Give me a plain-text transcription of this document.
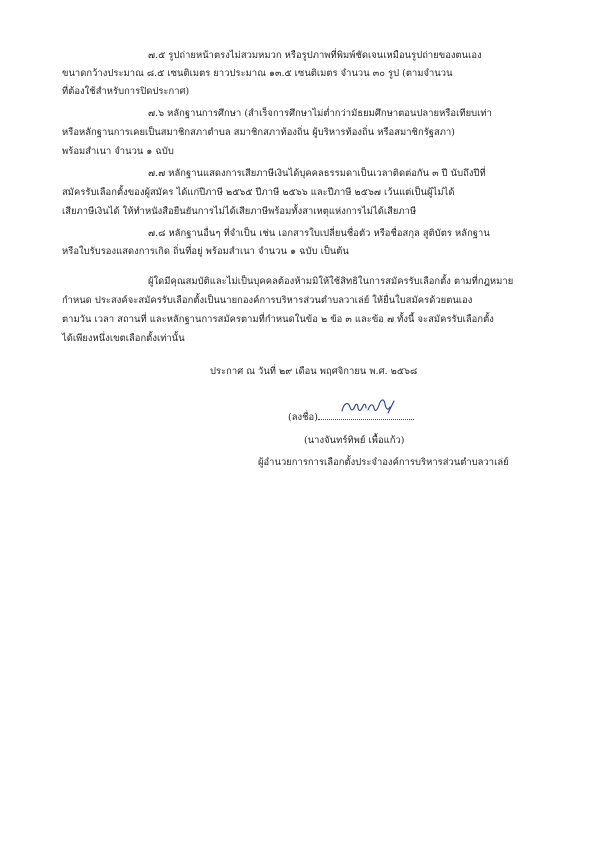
๗.๕ รูปถ่ายหน้าตรงไม่สวมหมวก หรือรูปภาพที่พิมพ์ชัดเจนเหมือนรูปถ่ายของตนเอง
ขนาดกว้างประมาณ ๘.๕ เซนติเมตร ยาวประมาณ ๑๓.๕ เซนติเมตร จำนวน ๓๐ รูป (ตามจำนวน
ที่ต้องใช้สำหรับการปิดประกาศ)
๗.๖ หลักฐานการศึกษา (สำเร็จการศึกษาไม่ต่ำกว่ามัธยมศึกษาตอนปลายหรือเทียบเท่า
หรือหลักฐานการเคยเป็นสมาชิกสภาตำบล สมาชิกสภาท้องถิ่น ผู้บริหารท้องถิ่น หรือสมาชิกรัฐสภา)
พร้อมสำเนา จำนวน ๑ ฉบับ
๗.๗ หลักฐานแสดงการเสียภาษีเงินได้บุคคลธรรมดาเป็นเวลาติดต่อกัน ๓ ปี นับถึงปีที่
สมัครรับเลือกตั้งของผู้สมัคร ได้แก่ปีภาษี ๒๕๖๕ ปีภาษี ๒๕๖๖ และปีภาษี ๒๕๖๗ เว้นแต่เป็นผู้ไม่ได้
เสียภาษีเงินได้ ให้ทำหนังสือยืนยันการไม่ได้เสียภาษีพร้อมทั้งสาเหตุแห่งการไม่ได้เสียภาษี
๗.๘ หลักฐานอื่นๆ ที่จำเป็น เช่น เอกสารใบเปลี่ยนชื่อตัว หรือชื่อสกุล สูติบัตร หลักฐาน
หรือใบรับรองแสดงการเกิด ถิ่นที่อยู่ พร้อมสำเนา จำนวน ๑ ฉบับ เป็นต้น
ผู้ใดมีคุณสมบัติและไม่เป็นบุคคลต้องห้ามมิให้ใช้สิทธิในการสมัครรับเลือกตั้ง ตามที่กฎหมาย
กำหนด ประสงค์จะสมัครรับเลือกตั้งเป็นนายกองค์การบริหารส่วนตำบลวาเล่ย์ ให้ยื่นใบสมัครด้วยตนเอง
ตามวัน เวลา สถานที่ และหลักฐานการสมัครตามที่กำหนดในข้อ ๒ ข้อ ๓ และข้อ ๗ ทั้งนี้ จะสมัครรับเลือกตั้ง
ได้เพียงหนึ่งเขตเลือกตั้งเท่านั้น
ประกาศ ณ วันที่ ๒๙ เดือน พฤศจิกายน พ.ศ. ๒๕๖๘
(ลงชื่อ)
(นางจันทร์ทิพย์ เพื้อแก้ว)
ผู้อำนวยการการเลือกตั้งประจำองค์การบริหารส่วนตำบลวาเล่ย์
